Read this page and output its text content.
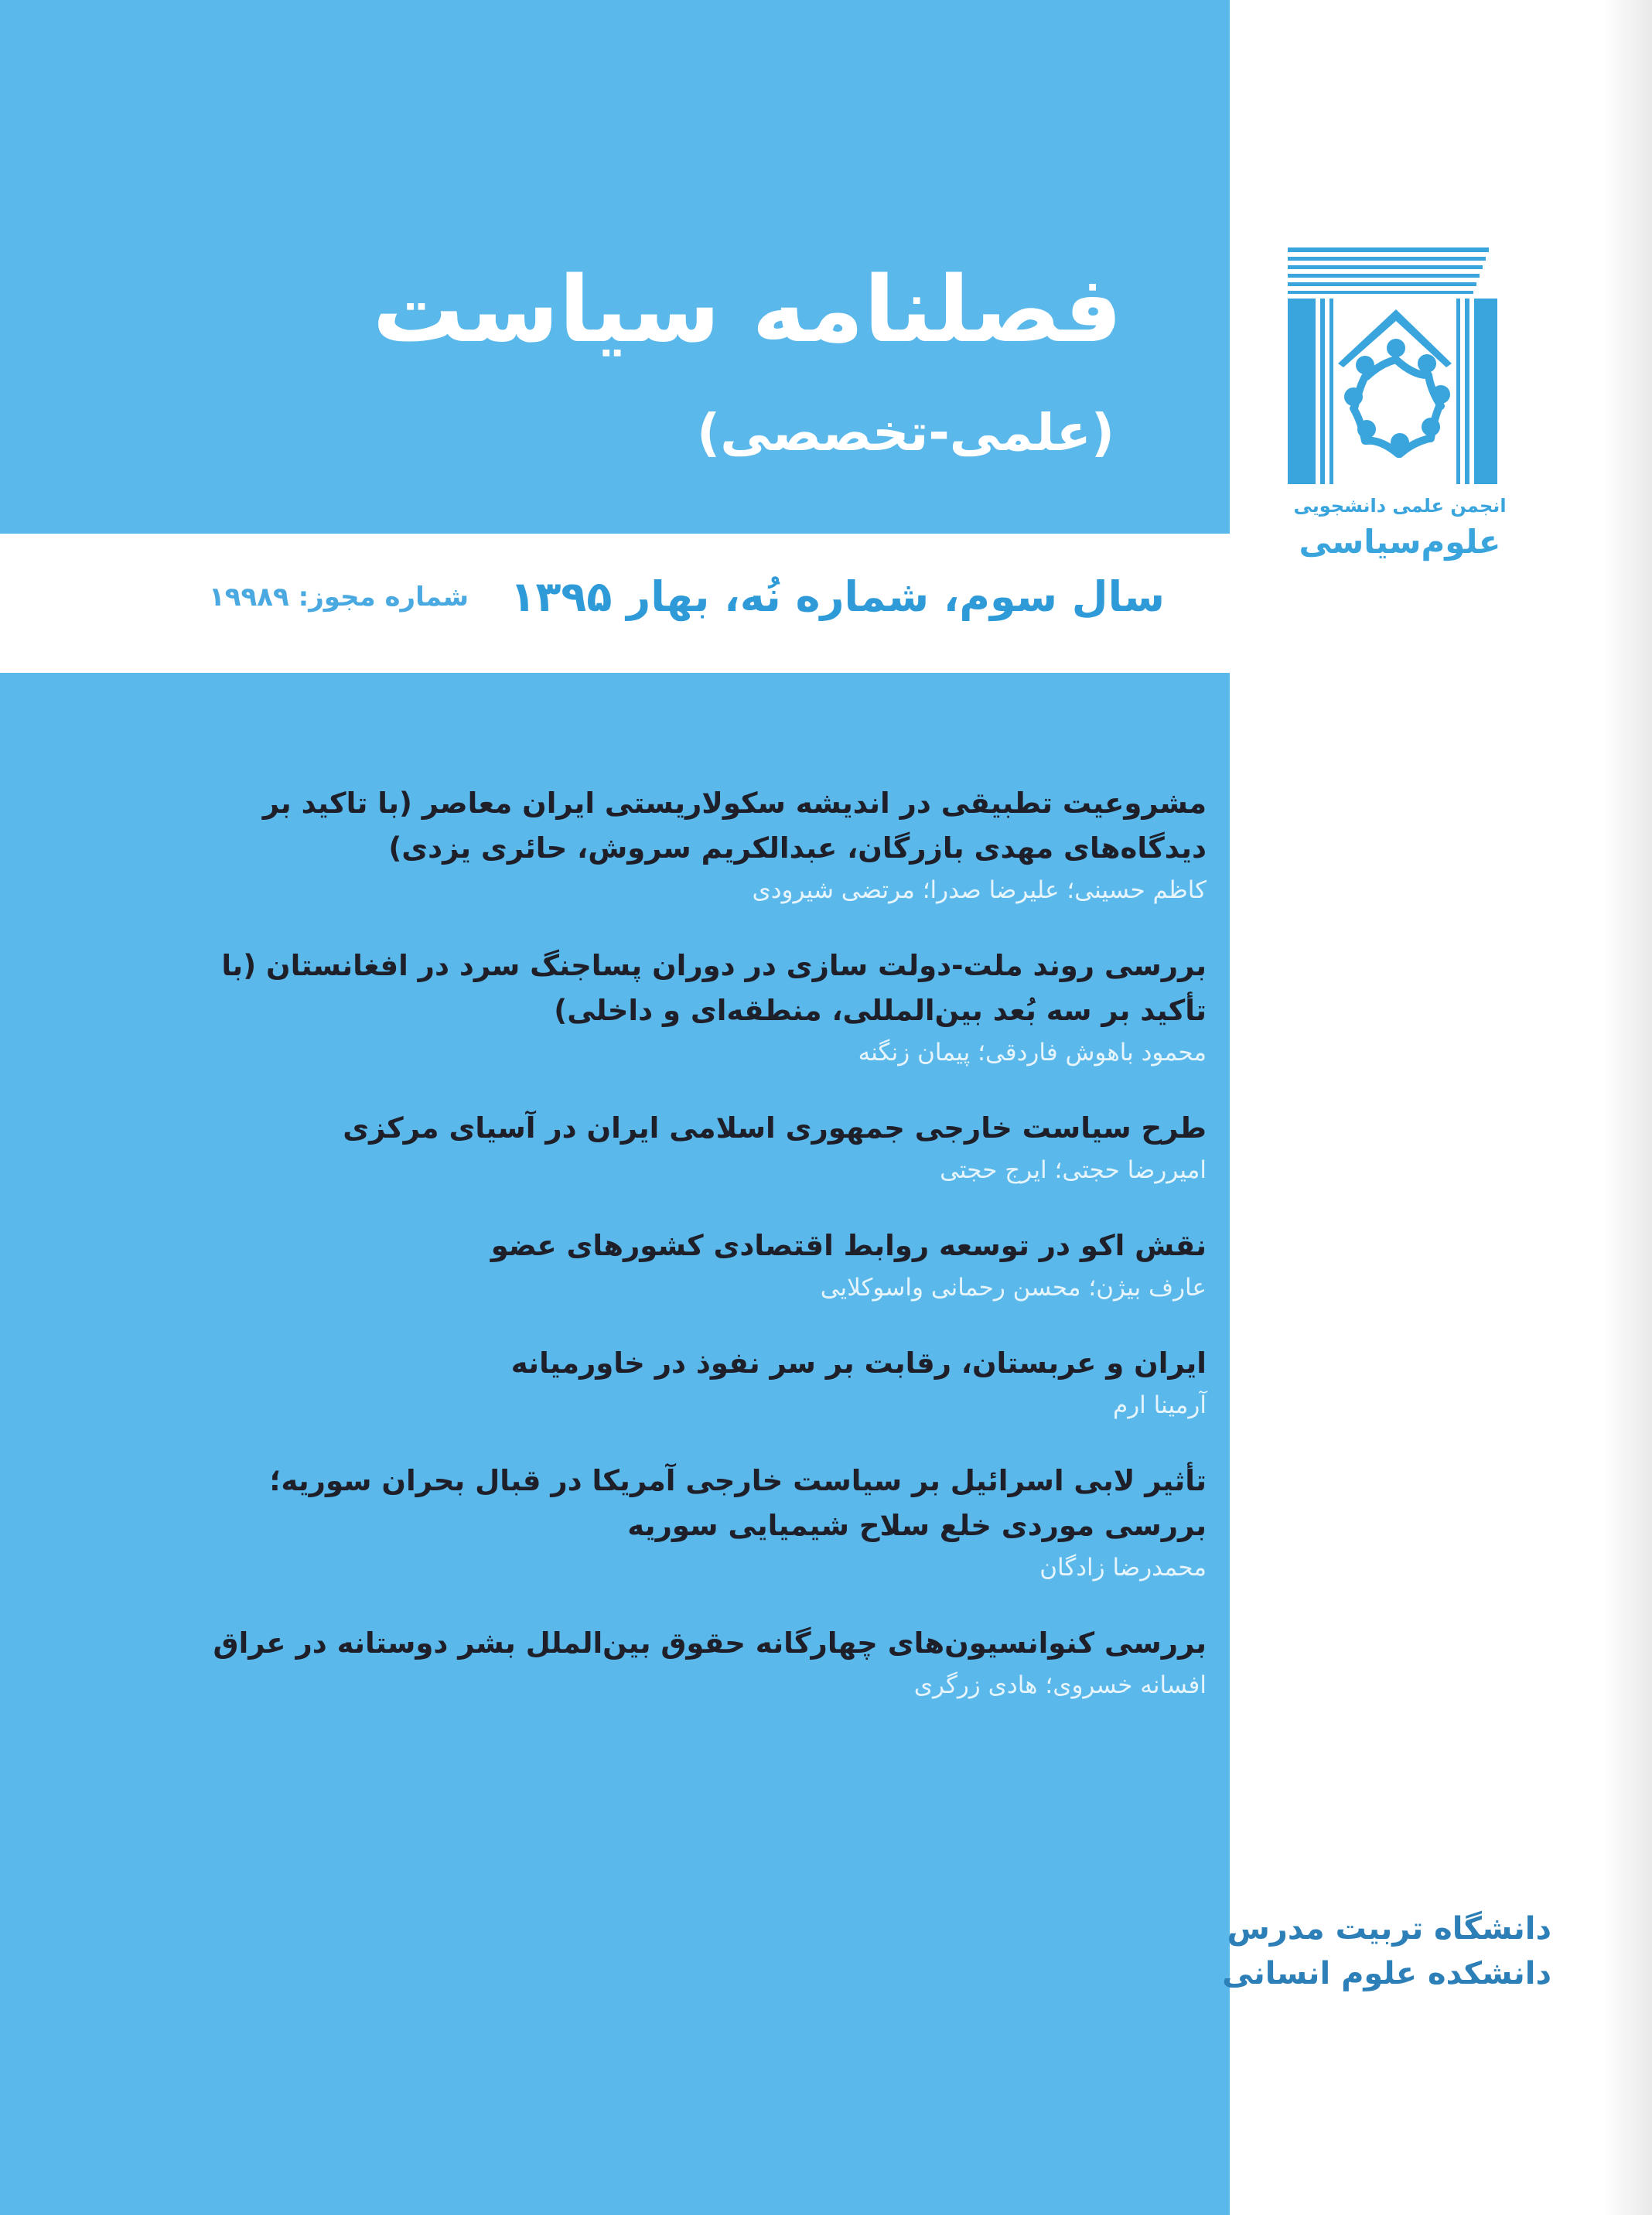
فصلنامه سیاست
(علمی-تخصصی)
سال سوم، شماره نُه، بهار ۱۳۹۵
شماره مجوز: ۱۹۹۸۹
انجمن علمی دانشجویی
علوم‌سیاسی
مشروعیت تطبیقی در اندیشه سکولاریستی ایران معاصر (با تاکید بر دیدگاه‌های مهدی بازرگان، عبدالکریم سروش، حائری یزدی)
کاظم حسینی؛ علیرضا صدرا؛ مرتضی شیرودی
بررسی روند ملت-دولت سازی در دوران پساجنگ سرد در افغانستان (با تأکید بر سه بُعد بین‌المللی، منطقه‌ای و داخلی)
محمود باهوش فاردقی؛ پیمان زنگنه
طرح سیاست خارجی جمهوری اسلامی ایران در آسیای مرکزی
امیررضا حجتی؛ ایرج حجتی
نقش اکو در توسعه روابط اقتصادی کشورهای عضو
عارف بیژن؛ محسن رحمانی واسوکلایی
ایران و عربستان، رقابت بر سر نفوذ در خاورمیانه
آرمینا ارم
تأثیر لابی اسرائیل بر سیاست خارجی آمریکا در قبال بحران سوریه؛ بررسی موردی خلع سلاح شیمیایی سوریه
محمدرضا زادگان
بررسی کنوانسیون‌های چهارگانه حقوق بین‌الملل بشر دوستانه در عراق
افسانه خسروی؛ هادی زرگری
دانشگاه تربیت مدرس
دانشکده علوم انسانی
